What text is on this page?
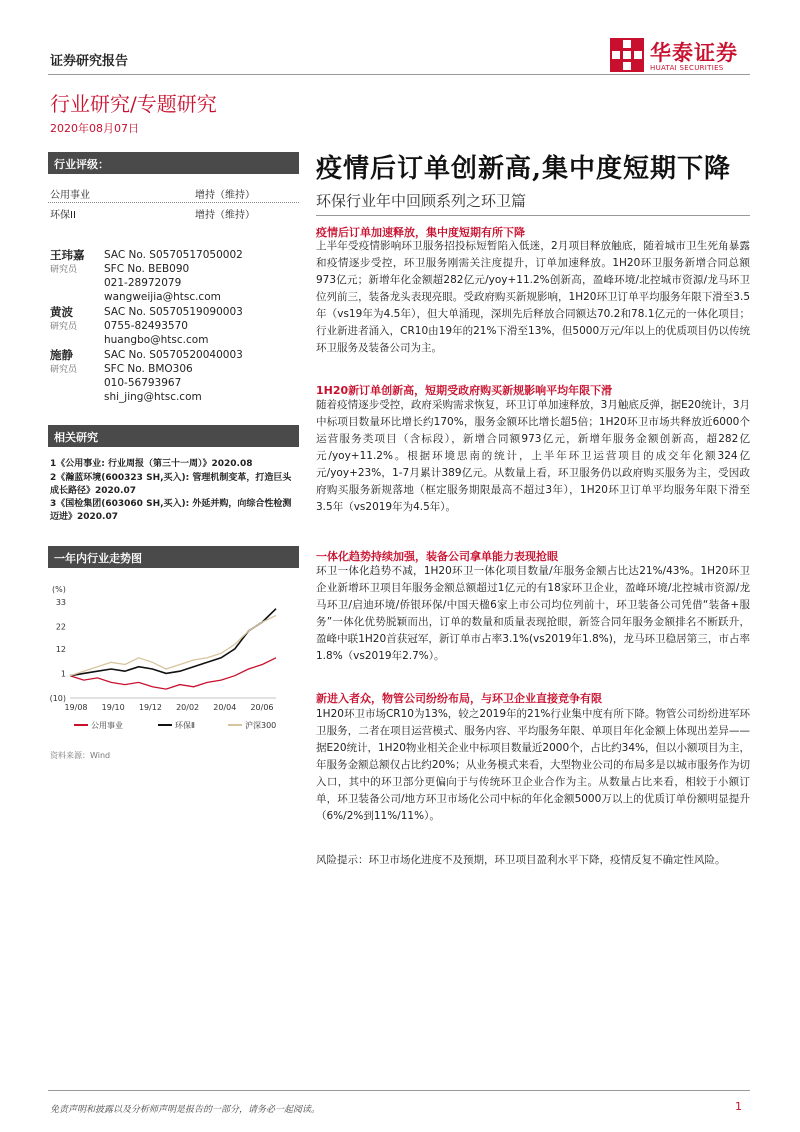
证券研究报告	华泰证券
HUATAI SECURITIES
行业研究/专题研究
2020年08月07日
行业评级：
公用事业	增持（维持）
环保II	增持（维持）
王玮嘉
研究员
SAC No. S0570517050002
SFC No. BEB090
021-28972079
wangweijia@htsc.com
黄波
研究员
SAC No. S0570519090003
0755-82493570
huangbo@htsc.com
施静
研究员
SAC No. S0570520040003
SFC No. BMO306
010-56793967
shi_jing@htsc.com
相关研究
1《公用事业: 行业周报（第三十一周）》2020.08
2《瀚蓝环境(600323 SH,买入): 管理机制变革，打造巨头成长路径》2020.07
3《国检集团(603060 SH,买入): 外延并购，向综合性检测迈进》2020.07
一年内行业走势图
(%)
33
22
12
1
(10)
19/08 19/10 19/12 20/02 20/04 20/06
公用事业	环保Ⅱ	沪深300
资料来源：Wind
疫情后订单创新高,集中度短期下降
环保行业年中回顾系列之环卫篇
疫情后订单加速释放，集中度短期有所下降
上半年受疫情影响环卫服务招投标短暂陷入低迷，2月项目释放触底，随着城市卫生死角暴露和疫情逐步受控，环卫服务刚需关注度提升，订单加速释放。1H20环卫服务新增合同总额973亿元；新增年化金额超282亿元/yoy+11.2%创新高，盈峰环境/北控城市资源/龙马环卫位列前三，装备龙头表现亮眼。受政府购买新规影响，1H20环卫订单平均服务年限下滑至3.5年（vs19年为4.5年），但大单涌现，深圳先后释放合同额达70.2和78.1亿元的一体化项目；行业新进者涌入，CR10由19年的21%下滑至13%，但5000万元/年以上的优质项目仍以传统环卫服务及装备公司为主。
1H20新订单创新高，短期受政府购买新规影响平均年限下滑
随着疫情逐步受控，政府采购需求恢复，环卫订单加速释放，3月触底反弹，据E20统计，3月中标项目数量环比增长约170%，服务金额环比增长超5倍；1H20环卫市场共释放近6000个运营服务类项目（含标段），新增合同额973亿元，新增年服务金额创新高，超282亿元/yoy+11.2%。根据环境思南的统计，上半年环卫运营项目的成交年化额324亿元/yoy+23%，1-7月累计389亿元。从数量上看，环卫服务仍以政府购买服务为主，受因政府购买服务新规落地（框定服务期限最高不超过3年），1H20环卫订单平均服务年限下滑至3.5年（vs2019年为4.5年）。
一体化趋势持续加强，装备公司拿单能力表现抢眼
环卫一体化趋势不减，1H20环卫一体化项目数量/年服务金额占比达21%/43%。1H20环卫企业新增环卫项目年服务金额总额超过1亿元的有18家环卫企业，盈峰环境/北控城市资源/龙马环卫/启迪环境/侨银环保/中国天楹6家上市公司均位列前十，环卫装备公司凭借“装备+服务”一体化优势脱颖而出，订单的数量和质量表现抢眼，新签合同年服务金额排名不断跃升，盈峰中联1H20首获冠军，新订单市占率3.1%(vs2019年1.8%)，龙马环卫稳居第三，市占率1.8%（vs2019年2.7%）。
新进入者众，物管公司纷纷布局，与环卫企业直接竞争有限
1H20环卫市场CR10为13%，较之2019年的21%行业集中度有所下降。物管公司纷纷进军环卫服务，二者在项目运营模式、服务内容、平均服务年限、单项目年化金额上体现出差异——据E20统计，1H20物业相关企业中标项目数量近2000个，占比约34%，但以小额项目为主，年服务金额总额仅占比约20%；从业务模式来看，大型物业公司的布局多是以城市服务作为切入口，其中的环卫部分更偏向于与传统环卫企业合作为主。从数量占比来看，相较于小额订单，环卫装备公司/地方环卫市场化公司中标的年化金额5000万以上的优质订单份额明显提升（6%/2%到11%/11%）。
风险提示：环卫市场化进度不及预期，环卫项目盈利水平下降，疫情反复不确定性风险。
免责声明和披露以及分析师声明是报告的一部分，请务必一起阅读。	1
